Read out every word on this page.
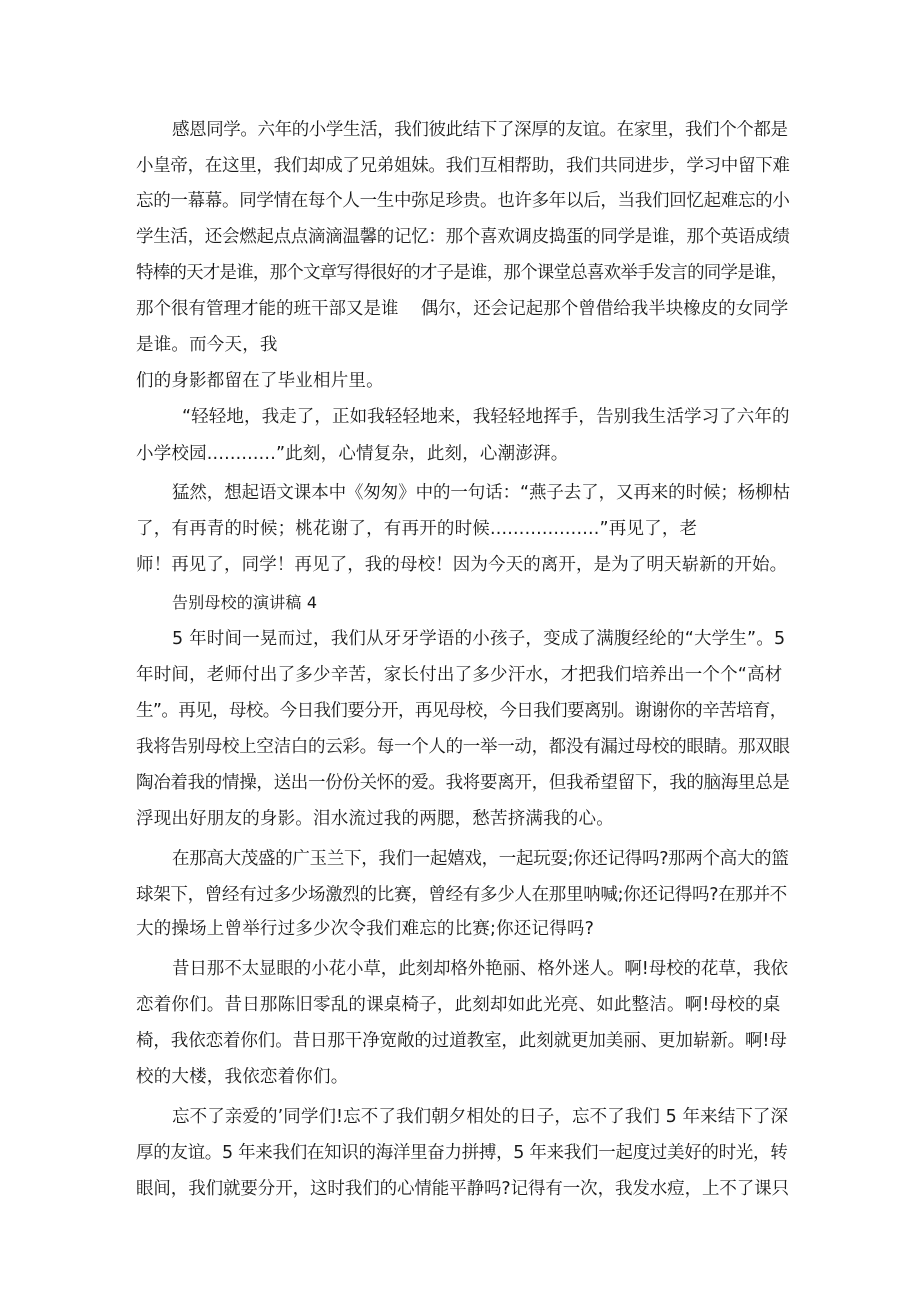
感恩同学。六年的小学生活，我们彼此结下了深厚的友谊。在家里，我们个个都是

小皇帝，在这里，我们却成了兄弟姐妹。我们互相帮助，我们共同进步，学习中留下难

忘的一幕幕。同学情在每个人一生中弥足珍贵。也许多年以后，当我们回忆起难忘的小

学生活，还会燃起点点滴滴温馨的记忆：那个喜欢调皮捣蛋的同学是谁，那个英语成绩

特棒的天才是谁，那个文章写得很好的才子是谁，那个课堂总喜欢举手发言的同学是谁，

那个很有管理才能的班干部又是谁    偶尔，还会记起那个曾借给我半块橡皮的女同学

是谁。而今天，我

们的身影都留在了毕业相片里。

“轻轻地，我走了，正如我轻轻地来，我轻轻地挥手，告别我生活学习了六年的

小学校园............”此刻，心情复杂，此刻，心潮澎湃。

猛然，想起语文课本中《匆匆》中的一句话：“燕子去了，又再来的时候；杨柳枯

了，有再青的时候；桃花谢了，有再开的时候...................”再见了，老

师！再见了，同学！再见了，我的母校！因为今天的离开，是为了明天崭新的开始。

告别母校的演讲稿 4

5 年时间一晃而过，我们从牙牙学语的小孩子，变成了满腹经纶的“大学生”。5

年时间，老师付出了多少辛苦，家长付出了多少汗水，才把我们培养出一个个“高材

生”。再见，母校。今日我们要分开，再见母校，今日我们要离别。谢谢你的辛苦培育，

我将告别母校上空洁白的云彩。每一个人的一举一动，都没有漏过母校的眼睛。那双眼

陶冶着我的情操，送出一份份关怀的爱。我将要离开，但我希望留下，我的脑海里总是

浮现出好朋友的身影。泪水流过我的两腮，愁苦挤满我的心。

在那高大茂盛的广玉兰下，我们一起嬉戏，一起玩耍;你还记得吗?那两个高大的篮

球架下，曾经有过多少场激烈的比赛，曾经有多少人在那里呐喊;你还记得吗?在那并不

大的操场上曾举行过多少次令我们难忘的比赛;你还记得吗?

昔日那不太显眼的小花小草，此刻却格外艳丽、格外迷人。啊!母校的花草，我依

恋着你们。昔日那陈旧零乱的课桌椅子，此刻却如此光亮、如此整洁。啊!母校的桌

椅，我依恋着你们。昔日那干净宽敞的过道教室，此刻就更加美丽、更加崭新。啊!母

校的大楼，我依恋着你们。

忘不了亲爱的’同学们!忘不了我们朝夕相处的日子，忘不了我们 5 年来结下了深

厚的友谊。5 年来我们在知识的海洋里奋力拼搏，5 年来我们一起度过美好的时光，转

眼间，我们就要分开，这时我们的心情能平静吗?记得有一次，我发水痘，上不了课只
